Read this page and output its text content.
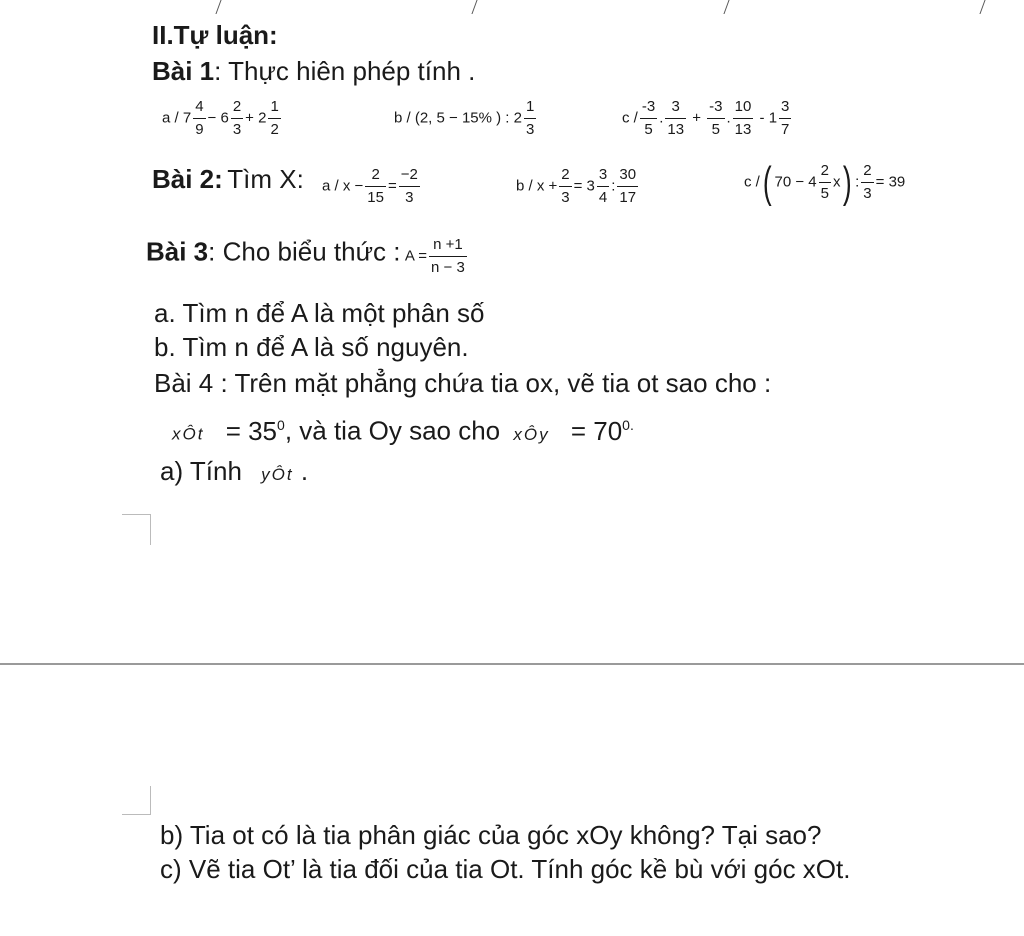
II.Tự luận:
Bài 1: Thực hiên phép tính .
$a / 7 \frac{4}{9} - 6 \frac{2}{3} + 2 \frac{1}{2}$	b / (2, 5 − 15% ) : $2 \frac{1}{3}$	c / $\frac{-3}{5}$ . $\frac{3}{13} + \frac{-3}{5}$ . $\frac{10}{13} - 1 \frac{3}{7}$
Bài 2: Tìm X: $a / x - \frac{2}{15} = \frac{-2}{3}$	$b / x + \frac{2}{3} = 3 \frac{3}{4}$ : $\frac{30}{17}$	c /( $70 - 4 \frac{2}{5} x$) : $\frac{2}{3} = 39$
Bài 3: Cho biểu thức : $A = \frac{n +1}{n - 3}$
a. Tìm n để A là một phân số
b. Tìm n để A là số nguyên.
Bài 4 : Trên mặt phẳng chứa tia ox, vẽ tia ot sao cho :
xÔt = $35^0$, và tia Oy sao cho xÔy = $70^{0.}$
a) Tính yÔt .
b) Tia ot có là tia phân giác của góc xOy không? Tại sao?
c) Vẽ tia Ot’ là tia đối của tia Ot. Tính góc kề bù với góc xOt.
